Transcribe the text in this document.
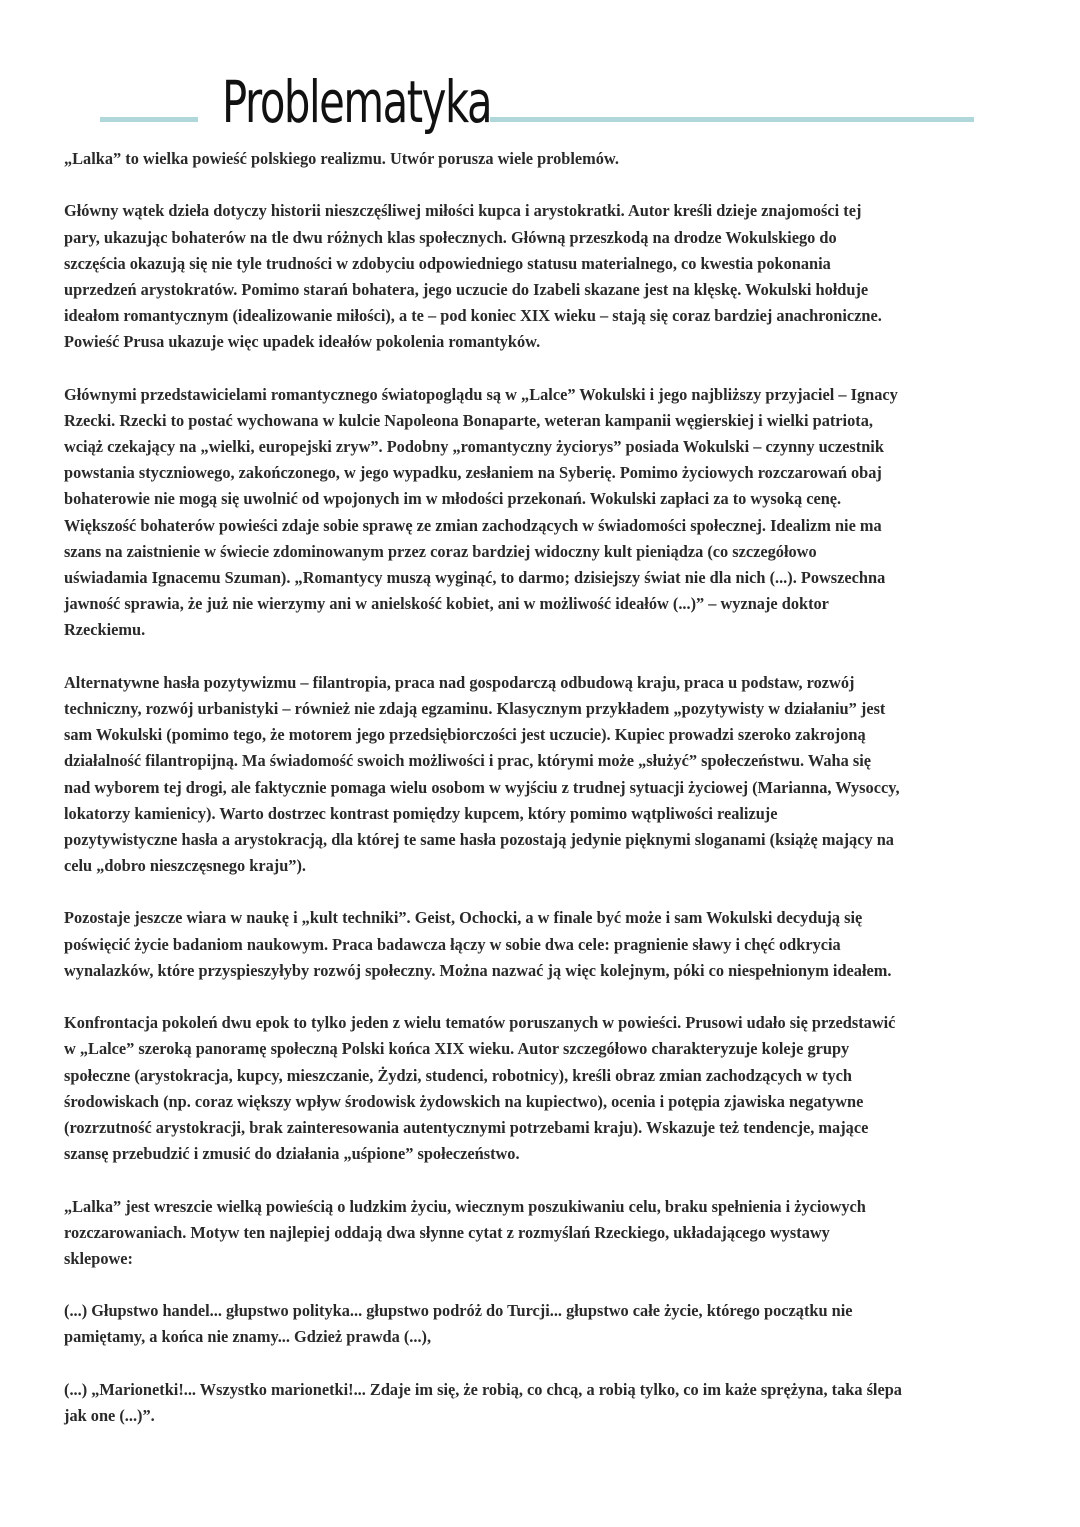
Problematyka

„Lalka” to wielka powieść polskiego realizmu. Utwór porusza wiele problemów.

Główny wątek dzieła dotyczy historii nieszczęśliwej miłości kupca i arystokratki. Autor kreśli dzieje znajomości tej
pary, ukazując bohaterów na tle dwu różnych klas społecznych. Główną przeszkodą na drodze Wokulskiego do
szczęścia okazują się nie tyle trudności w zdobyciu odpowiedniego statusu materialnego, co kwestia pokonania
uprzedzeń arystokratów. Pomimo starań bohatera, jego uczucie do Izabeli skazane jest na klęskę. Wokulski hołduje
ideałom romantycznym (idealizowanie miłości), a te – pod koniec XIX wieku – stają się coraz bardziej anachroniczne.
Powieść Prusa ukazuje więc upadek ideałów pokolenia romantyków.

Głównymi przedstawicielami romantycznego światopoglądu są w „Lalce” Wokulski i jego najbliższy przyjaciel – Ignacy
Rzecki. Rzecki to postać wychowana w kulcie Napoleona Bonaparte, weteran kampanii węgierskiej i wielki patriota,
wciąż czekający na „wielki, europejski zryw”. Podobny „romantyczny życiorys” posiada Wokulski – czynny uczestnik
powstania styczniowego, zakończonego, w jego wypadku, zesłaniem na Syberię. Pomimo życiowych rozczarowań obaj
bohaterowie nie mogą się uwolnić od wpojonych im w młodości przekonań. Wokulski zapłaci za to wysoką cenę.
Większość bohaterów powieści zdaje sobie sprawę ze zmian zachodzących w świadomości społecznej. Idealizm nie ma
szans na zaistnienie w świecie zdominowanym przez coraz bardziej widoczny kult pieniądza (co szczegółowo
uświadamia Ignacemu Szuman). „Romantycy muszą wyginąć, to darmo; dzisiejszy świat nie dla nich (...). Powszechna
jawność sprawia, że już nie wierzymy ani w anielskość kobiet, ani w możliwość ideałów (...)” – wyznaje doktor
Rzeckiemu.

Alternatywne hasła pozytywizmu – filantropia, praca nad gospodarczą odbudową kraju, praca u podstaw, rozwój
techniczny, rozwój urbanistyki – również nie zdają egzaminu. Klasycznym przykładem „pozytywisty w działaniu” jest
sam Wokulski (pomimo tego, że motorem jego przedsiębiorczości jest uczucie). Kupiec prowadzi szeroko zakrojoną
działalność filantropijną. Ma świadomość swoich możliwości i prac, którymi może „służyć” społeczeństwu. Waha się
nad wyborem tej drogi, ale faktycznie pomaga wielu osobom w wyjściu z trudnej sytuacji życiowej (Marianna, Wysoccy,
lokatorzy kamienicy). Warto dostrzec kontrast pomiędzy kupcem, który pomimo wątpliwości realizuje
pozytywistyczne hasła a arystokracją, dla której te same hasła pozostają jedynie pięknymi sloganami (książę mający na
celu „dobro nieszczęsnego kraju”).

Pozostaje jeszcze wiara w naukę i „kult techniki”. Geist, Ochocki, a w finale być może i sam Wokulski decydują się
poświęcić życie badaniom naukowym. Praca badawcza łączy w sobie dwa cele: pragnienie sławy i chęć odkrycia
wynalazków, które przyspieszyłyby rozwój społeczny. Można nazwać ją więc kolejnym, póki co niespełnionym ideałem.

Konfrontacja pokoleń dwu epok to tylko jeden z wielu tematów poruszanych w powieści. Prusowi udało się przedstawić
w „Lalce” szeroką panoramę społeczną Polski końca XIX wieku. Autor szczegółowo charakteryzuje koleje grupy
społeczne (arystokracja, kupcy, mieszczanie, Żydzi, studenci, robotnicy), kreśli obraz zmian zachodzących w tych
środowiskach (np. coraz większy wpływ środowisk żydowskich na kupiectwo), ocenia i potępia zjawiska negatywne
(rozrzutność arystokracji, brak zainteresowania autentycznymi potrzebami kraju). Wskazuje też tendencje, mające
szansę przebudzić i zmusić do działania „uśpione” społeczeństwo.

„Lalka” jest wreszcie wielką powieścią o ludzkim życiu, wiecznym poszukiwaniu celu, braku spełnienia i życiowych
rozczarowaniach. Motyw ten najlepiej oddają dwa słynne cytat z rozmyślań Rzeckiego, układającego wystawy
sklepowe:

(...) Głupstwo handel... głupstwo polityka... głupstwo podróż do Turcji... głupstwo całe życie, którego początku nie
pamiętamy, a końca nie znamy... Gdzież prawda (...),

(...) „Marionetki!... Wszystko marionetki!... Zdaje im się, że robią, co chcą, a robią tylko, co im każe sprężyna, taka ślepa
jak one (...)”.
